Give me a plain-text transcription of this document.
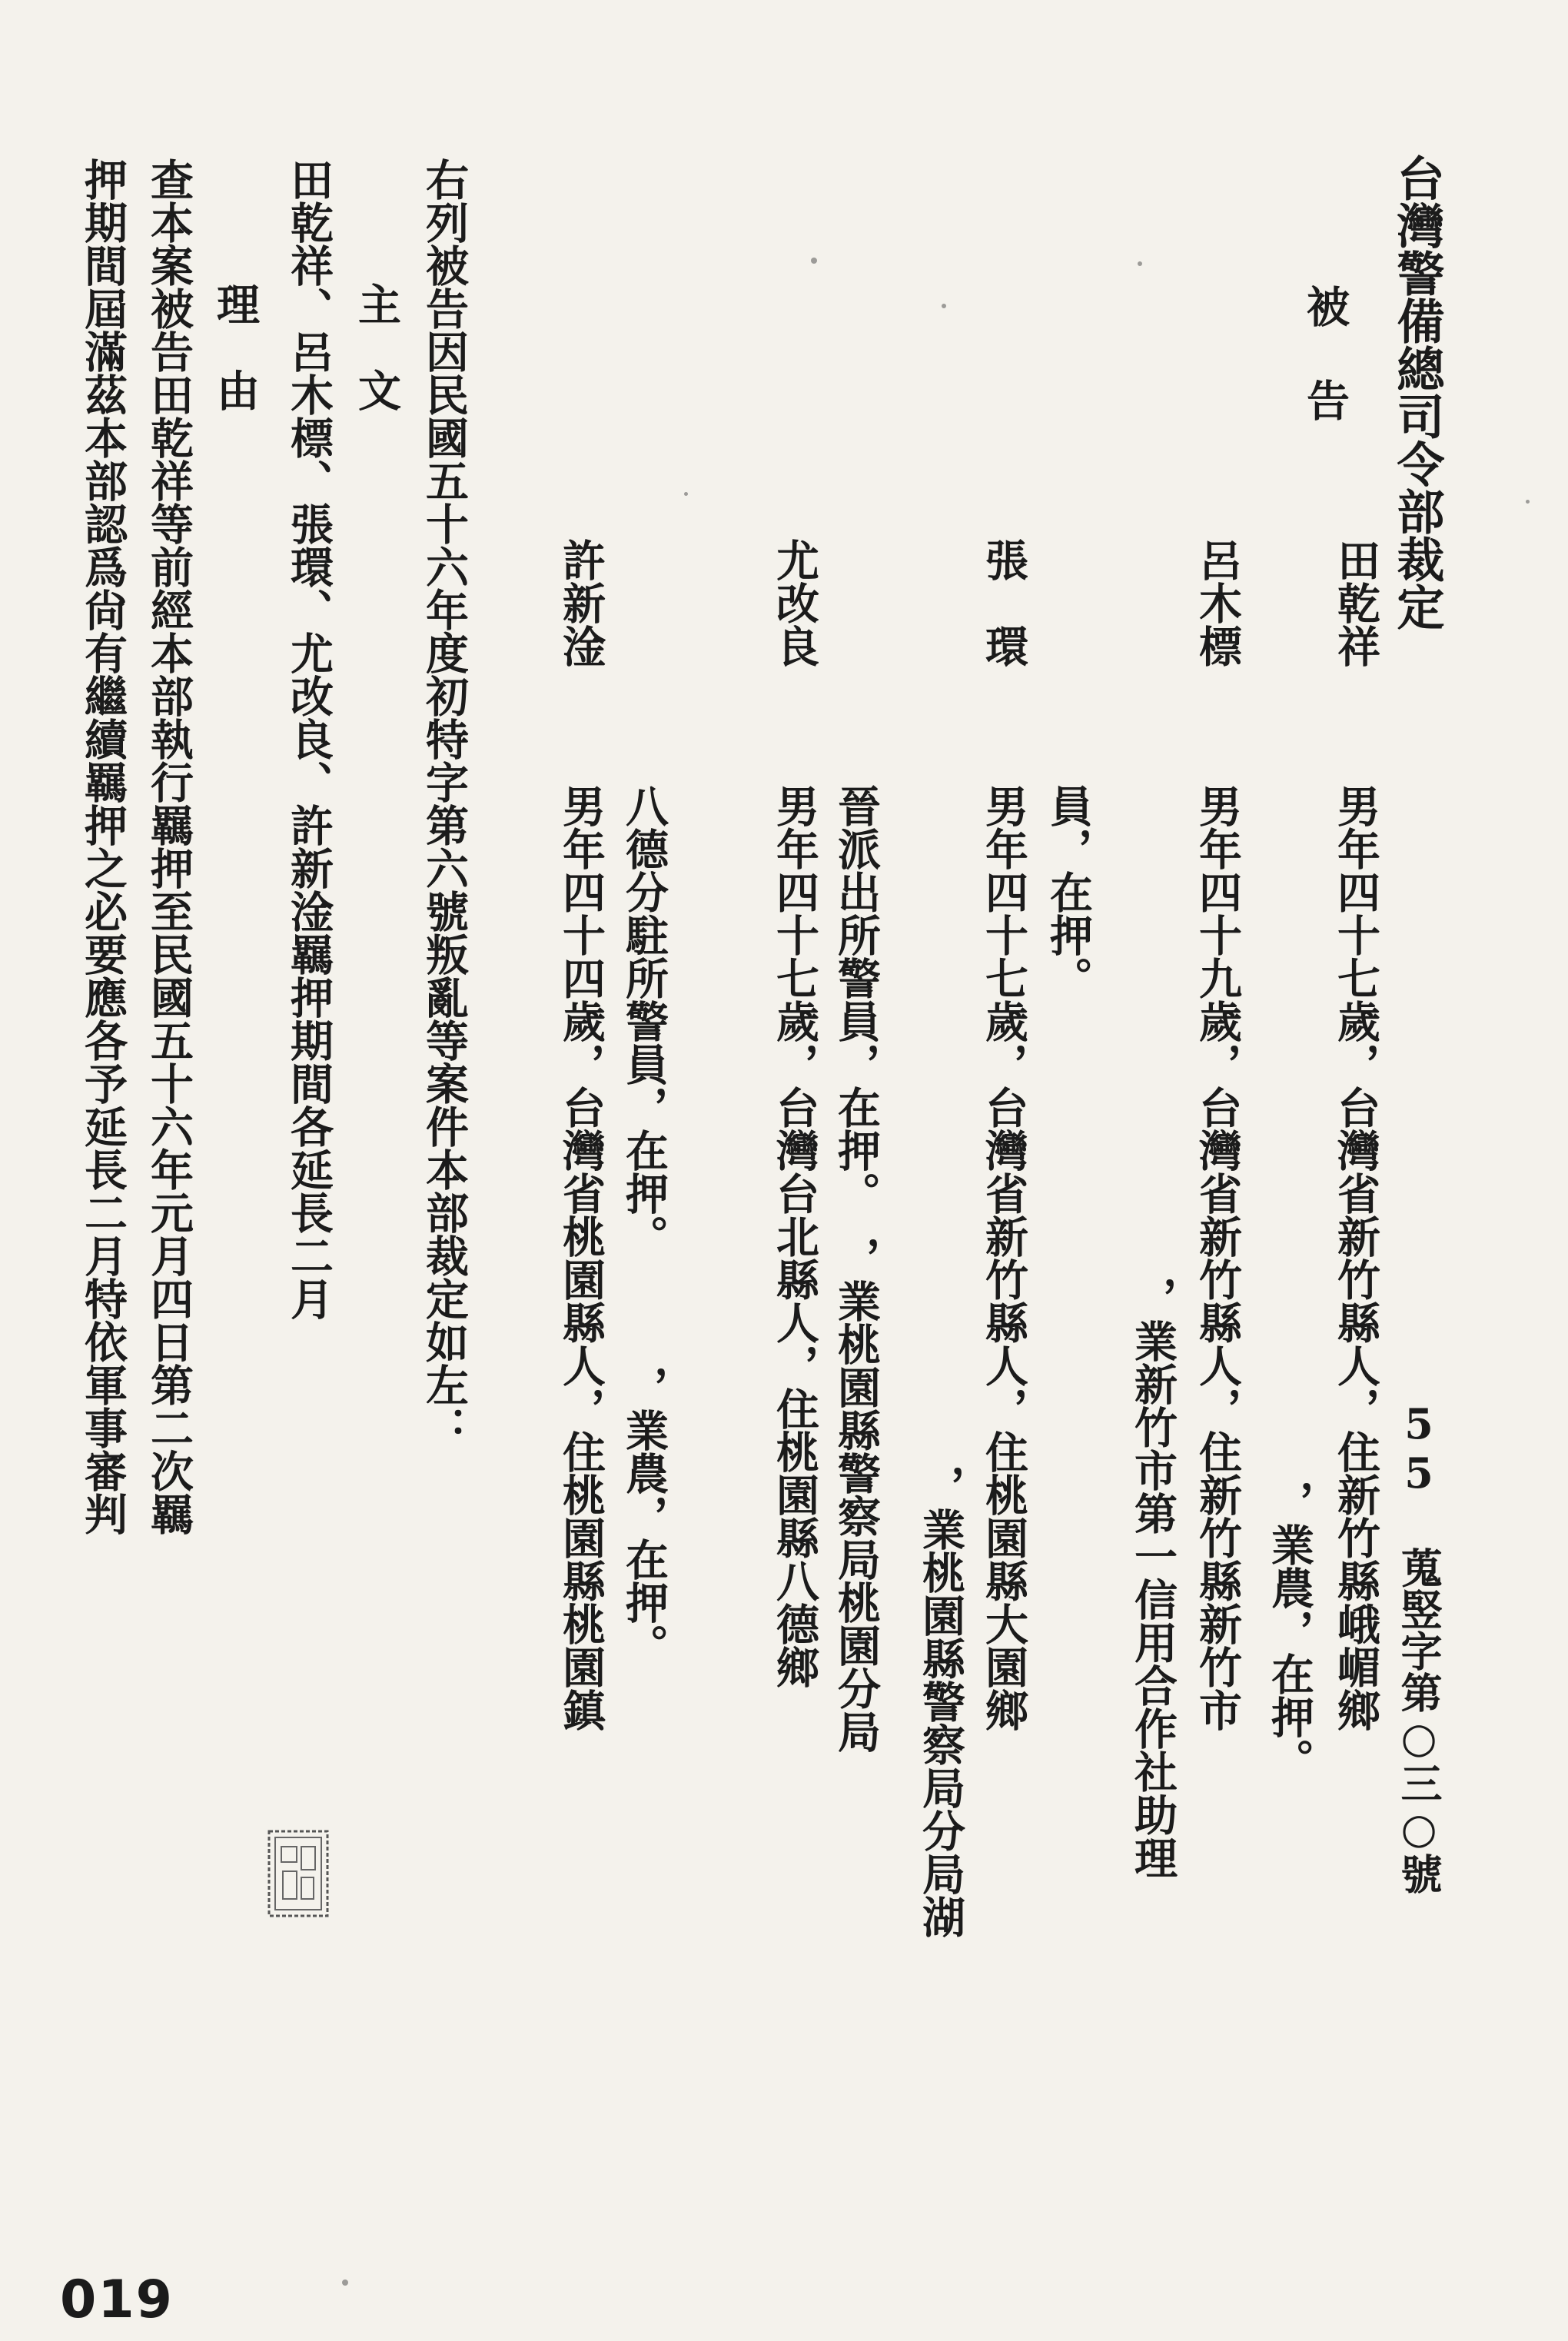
台灣警備總司令部裁定
55 蒐竪字第○三○號
被 告
田乾祥
男年四十七歲，台灣省新竹縣人，住新竹縣峨嵋鄉
，業農，在押。
呂木標
男年四十九歲，台灣省新竹縣人，住新竹縣新竹市
，業新竹市第一信用合作社助理
張　環
男年四十七歲，台灣省新竹縣人，住桃園縣大園鄉 員，在押。
，業桃園縣警察局分局湖
尤改良
男年四十七歲，台灣台北縣人，住桃園縣八德鄉 晉派出所警員，在押。　，業桃園縣警察局桃園分局
許新淦
男年四十四歲，台灣省桃園縣人，住桃園縣桃園鎮 八德分駐所警員，在押。　　　，業農，在押。
右列被告因民國五十六年度初特字第六號叛亂等案件本部裁定如左：
主　文
田乾祥、呂木標、張環、尤改良、許新淦羈押期間各延長二月
理　由
查本案被告田乾祥等前經本部執行羈押至民國五十六年元月四日第二次羈
押期間屆滿茲本部認爲尙有繼續羈押之必要應各予延長二月特依軍事審判
019
